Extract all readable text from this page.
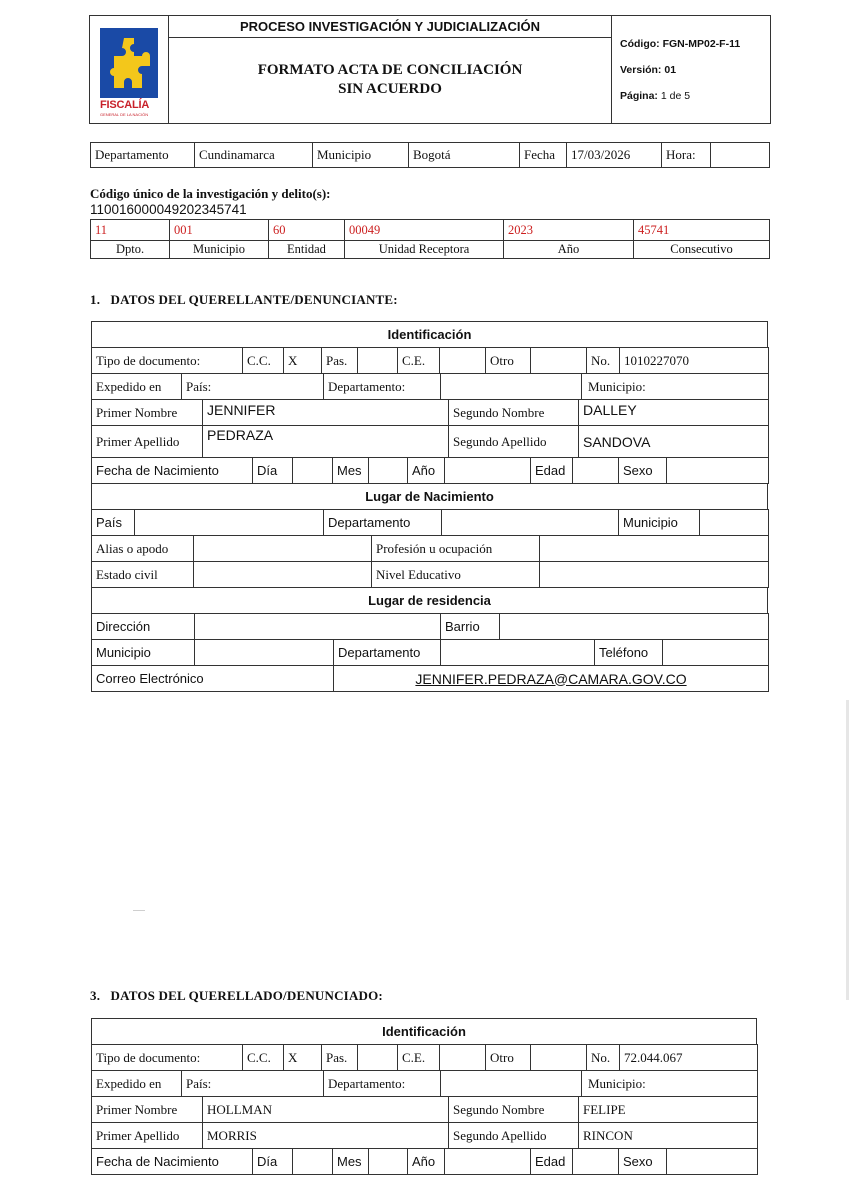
FISCALÍA
GENERAL DE LA NACIÓN
PROCESO INVESTIGACIÓN Y JUDICIALIZACIÓN
FORMATO ACTA DE CONCILIACIÓN
SIN ACUERDO
Código: FGN-MP02-F-11
Versión: 01
Página: 1 de 5
Departamento	Cundinamarca	Municipio	Bogotá	Fecha	17/03/2026	Hora:	
Código único de la investigación y delito(s):
110016000049202345741
11	001	60	00049	2023	45741
Dpto.	Municipio	Entidad	Unidad Receptora	Año	Consecutivo
1.   DATOS DEL QUERELLANTE/DENUNCIANTE:
Identificación
Tipo de documento:	C.C.	X	Pas.		C.E.		Otro		No.	1010227070
Expedido en	País:	Departamento:		Municipio:
Primer Nombre	JENNIFER	Segundo Nombre	DALLEY
Primer Apellido	PEDRAZA	Segundo Apellido	SANDOVA
Fecha de Nacimiento	Día		Mes		Año		Edad		Sexo	
Lugar de Nacimiento
País		Departamento		Municipio	
Alias o apodo		Profesión u ocupación	
Estado civil		Nivel Educativo	
Lugar de residencia
Dirección		Barrio	
Municipio		Departamento		Teléfono	
Correo Electrónico	JENNIFER.PEDRAZA@CAMARA.GOV.CO
3.   DATOS DEL QUERELLADO/DENUNCIADO:
Identificación
Tipo de documento:	C.C.	X	Pas.		C.E.		Otro		No.	72.044.067
Expedido en	País:	Departamento:		Municipio:
Primer Nombre	HOLLMAN	Segundo Nombre	FELIPE
Primer Apellido	MORRIS	Segundo Apellido	RINCON
Fecha de Nacimiento	Día		Mes		Año		Edad		Sexo	
